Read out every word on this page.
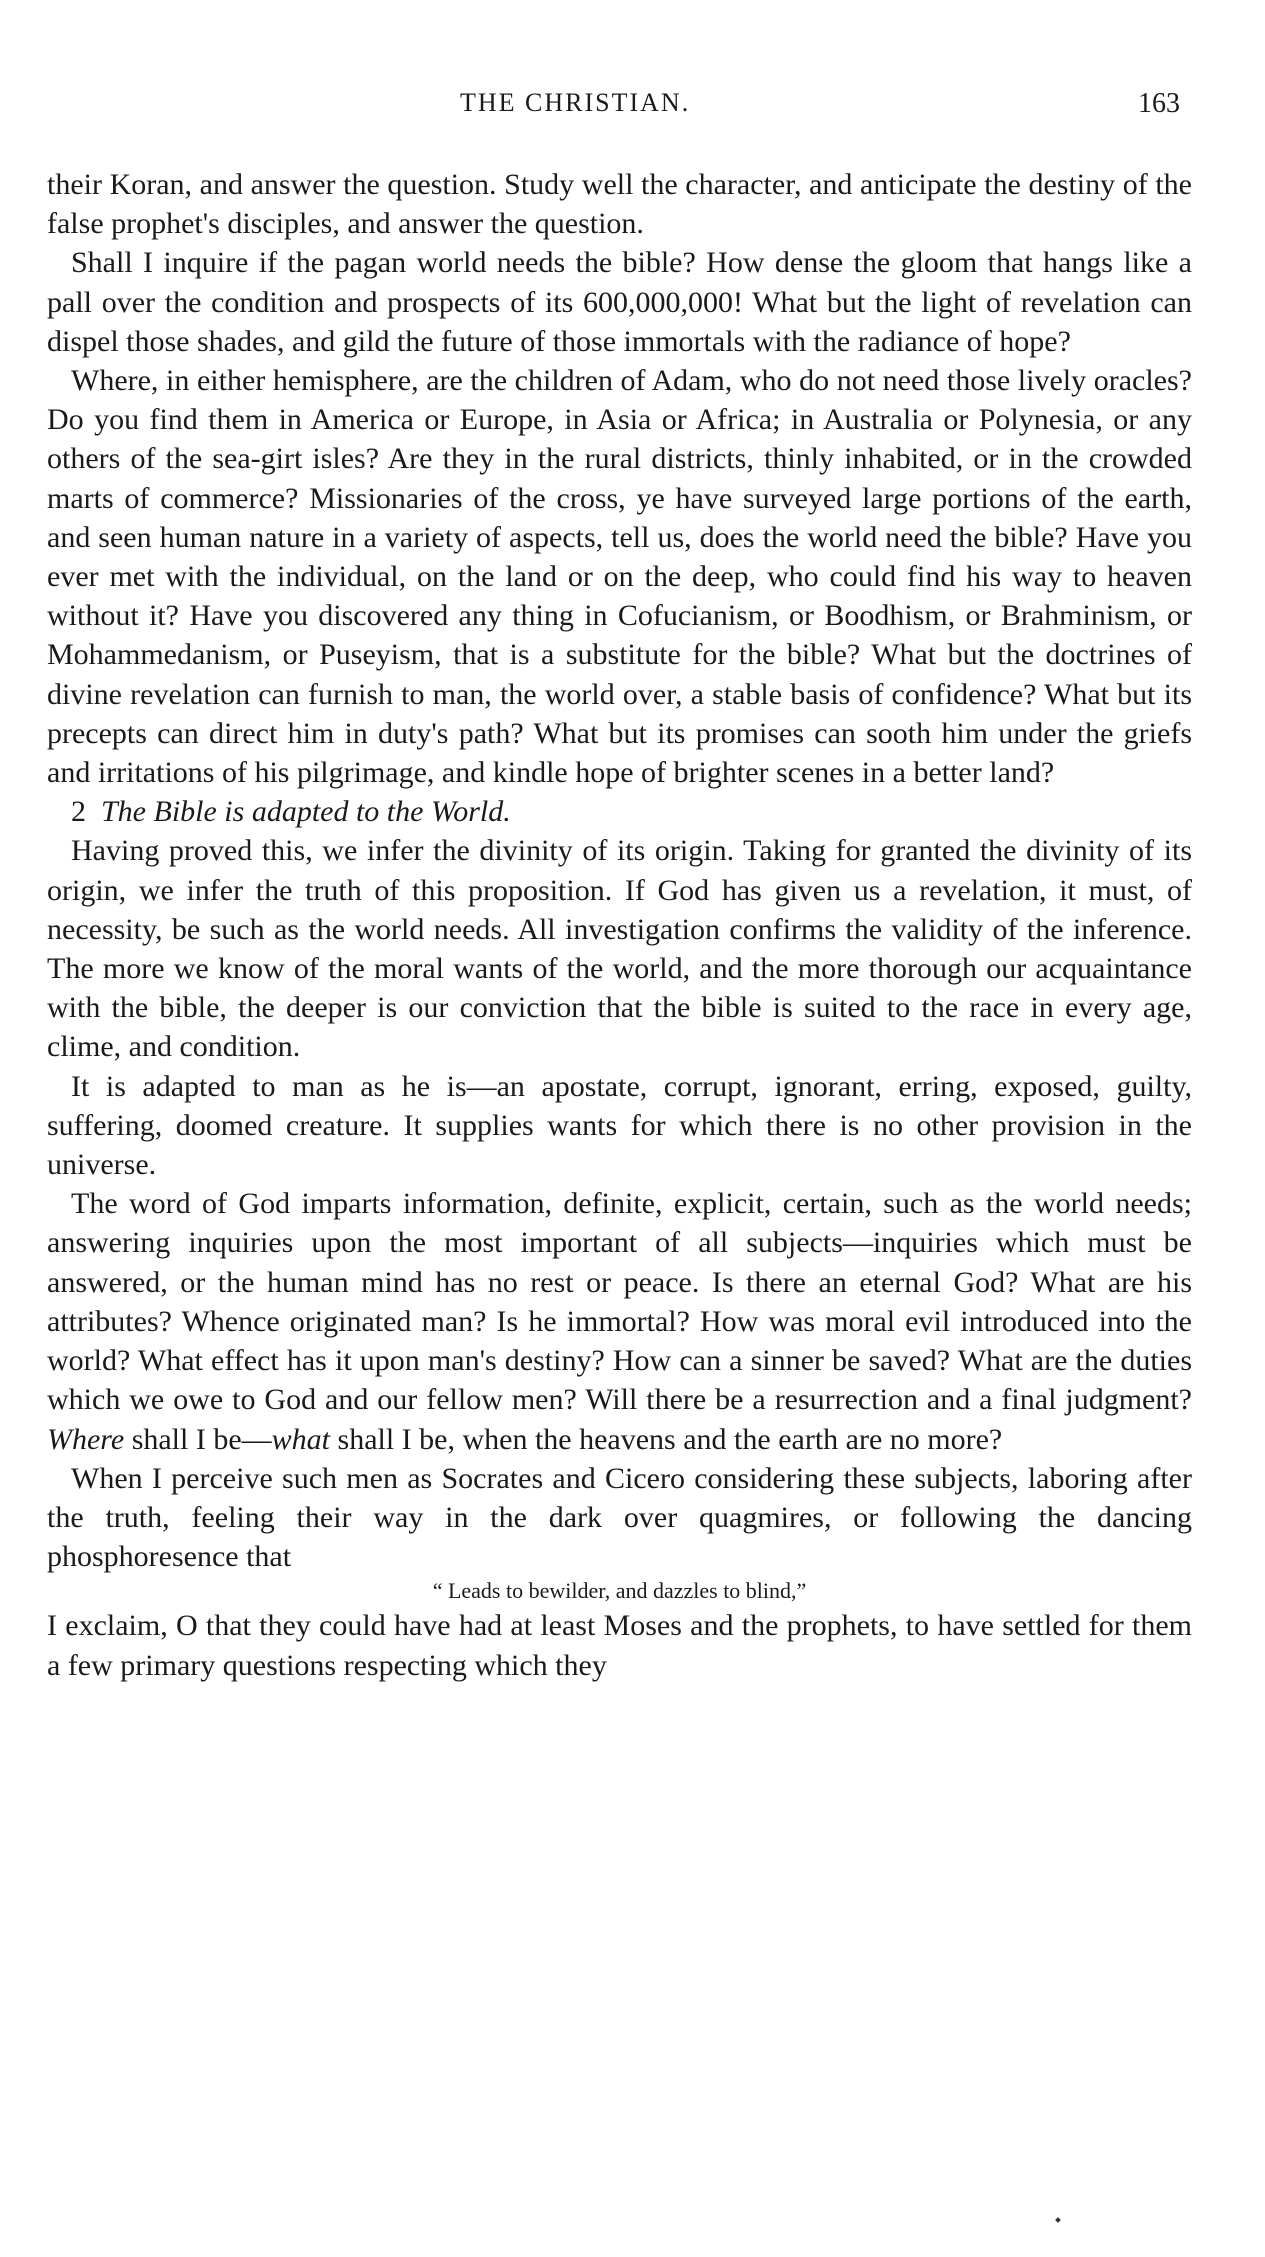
THE CHRISTIAN.	163

their Koran, and answer the question. Study well the character, and anticipate the destiny of the false prophet's disciples, and answer the question.

Shall I inquire if the pagan world needs the bible? How dense the gloom that hangs like a pall over the condition and prospects of its 600,000,000! What but the light of revelation can dispel those shades, and gild the future of those immortals with the radiance of hope?

Where, in either hemisphere, are the children of Adam, who do not need those lively oracles? Do you find them in America or Europe, in Asia or Africa; in Australia or Polynesia, or any others of the sea-girt isles? Are they in the rural districts, thinly inhabited, or in the crowded marts of commerce? Missionaries of the cross, ye have surveyed large portions of the earth, and seen human nature in a variety of aspects, tell us, does the world need the bible? Have you ever met with the individual, on the land or on the deep, who could find his way to heaven without it? Have you discovered any thing in Cofucianism, or Boodhism, or Brahminism, or Mohammedanism, or Puseyism, that is a substitute for the bible? What but the doctrines of divine revelation can furnish to man, the world over, a stable basis of confidence? What but its precepts can direct him in duty's path? What but its promises can sooth him under the griefs and irritations of his pilgrimage, and kindle hope of brighter scenes in a better land?

2 The Bible is adapted to the World.

Having proved this, we infer the divinity of its origin. Taking for granted the divinity of its origin, we infer the truth of this proposition. If God has given us a revelation, it must, of necessity, be such as the world needs. All investigation confirms the validity of the inference. The more we know of the moral wants of the world, and the more thorough our acquaintance with the bible, the deeper is our conviction that the bible is suited to the race in every age, clime, and condition.

It is adapted to man as he is—an apostate, corrupt, ignorant, erring, exposed, guilty, suffering, doomed creature. It supplies wants for which there is no other provision in the universe.

The word of God imparts information, definite, explicit, certain, such as the world needs; answering inquiries upon the most important of all subjects—inquiries which must be answered, or the human mind has no rest or peace. Is there an eternal God? What are his attributes? Whence originated man? Is he immortal? How was moral evil introduced into the world? What effect has it upon man's destiny? How can a sinner be saved? What are the duties which we owe to God and our fellow men? Will there be a resurrection and a final judgment? Where shall I be—what shall I be, when the heavens and the earth are no more?

When I perceive such men as Socrates and Cicero considering these subjects, laboring after the truth, feeling their way in the dark over quagmires, or following the dancing phosphoresence that

“ Leads to bewilder, and dazzles to blind,”

I exclaim, O that they could have had at least Moses and the prophets, to have settled for them a few primary questions respecting which they
